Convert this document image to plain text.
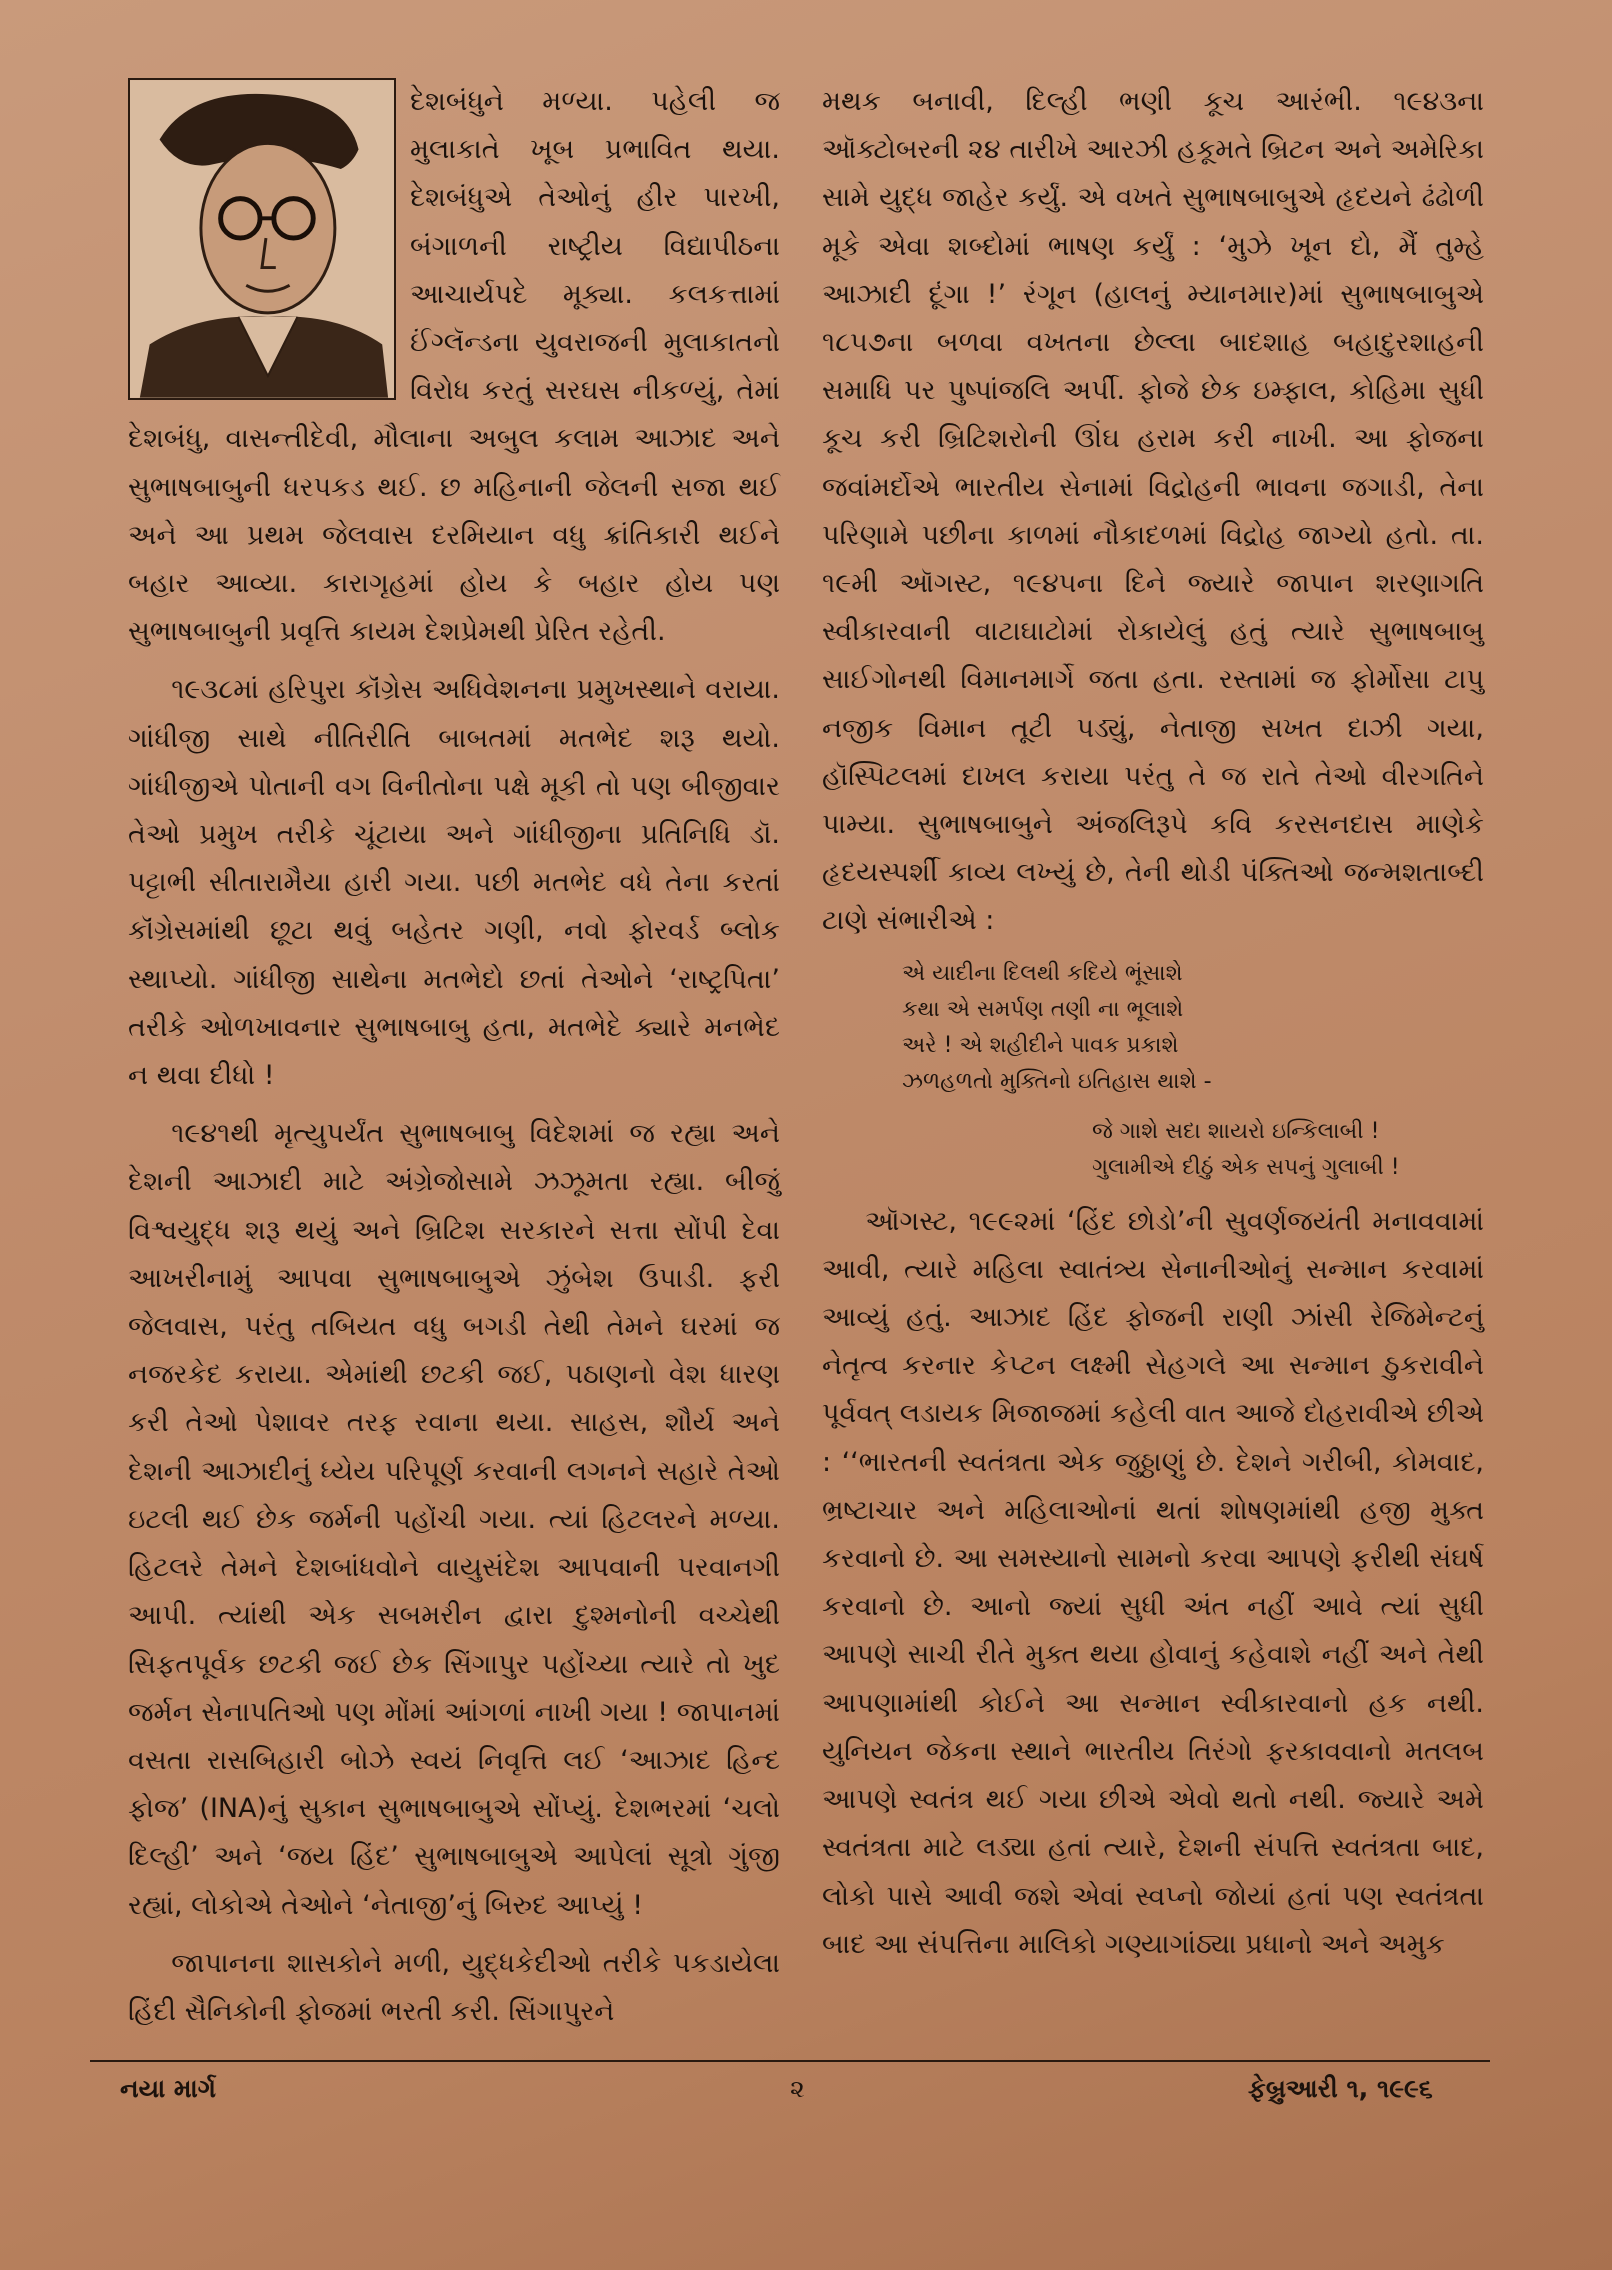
દેશબંધુને મળ્યા. પહેલી જ મુલાકાતે ખૂબ પ્રભાવિત થયા. દેશબંધુએ તેઓનું હીર પારખી, બંગાળની રાષ્ટ્રીય વિદ્યાપીઠના આચાર્યપદે મૂક્યા. કલકત્તામાં ઈંગ્લૅન્ડના યુવરાજની મુલાકાતનો વિરોધ કરતું સરઘસ નીકળ્યું, તેમાં દેશબંધુ, વાસન્તીદેવી, મૌલાના અબુલ કલામ આઝાદ અને સુભાષબાબુની ધરપકડ થઈ. છ મહિનાની જેલની સજા થઈ અને આ પ્રથમ જેલવાસ દરમિયાન વધુ ક્રાંતિકારી થઈને બહાર આવ્યા. કારાગૃહમાં હોય કે બહાર હોય પણ સુભાષબાબુની પ્રવૃત્તિ કાયમ દેશપ્રેમથી પ્રેરિત રહેતી.

૧૯૩૮માં હરિપુરા કૉંગ્રેસ અધિવેશનના પ્રમુખસ્થાને વરાયા. ગાંધીજી સાથે નીતિરીતિ બાબતમાં મતભેદ શરૂ થયો. ગાંધીજીએ પોતાની વગ વિનીતોના પક્ષે મૂકી તો પણ બીજીવાર તેઓ પ્રમુખ તરીકે ચૂંટાયા અને ગાંધીજીના પ્રતિનિધિ ડૉ. પટ્ટાભી સીતારામૈયા હારી ગયા. પછી મતભેદ વધે તેના કરતાં કૉંગ્રેસમાંથી છૂટા થવું બહેતર ગણી, નવો ફોરવર્ડ બ્લોક સ્થાપ્યો. ગાંધીજી સાથેના મતભેદો છતાં તેઓને ‘રાષ્ટ્રપિતા’ તરીકે ઓળખાવનાર સુભાષબાબુ હતા, મતભેદે ક્યારે મનભેદ ન થવા દીધો !

૧૯૪૧થી મૃત્યુપર્યંત સુભાષબાબુ વિદેશમાં જ રહ્યા અને દેશની આઝાદી માટે અંગ્રેજોસામે ઝઝૂમતા રહ્યા. બીજું વિશ્વયુદ્ધ શરૂ થયું અને બ્રિટિશ સરકારને સત્તા સોંપી દેવા આખરીનામું આપવા સુભાષબાબુએ ઝુંબેશ ઉપાડી. ફરી જેલવાસ, પરંતુ તબિયત વધુ બગડી તેથી તેમને ઘરમાં જ નજરકેદ કરાયા. એમાંથી છટકી જઈ, પઠાણનો વેશ ધારણ કરી તેઓ પેશાવર તરફ રવાના થયા. સાહસ, શૌર્ય અને દેશની આઝાદીનું ધ્યેય પરિપૂર્ણ કરવાની લગનને સહારે તેઓ ઇટલી થઈ છેક જર્મની પહોંચી ગયા. ત્યાં હિટલરને મળ્યા. હિટલરે તેમને દેશબાંધવોને વાયુસંદેશ આપવાની પરવાનગી આપી. ત્યાંથી એક સબમરીન દ્વારા દુશ્મનોની વચ્ચેથી સિફતપૂર્વક છટકી જઈ છેક સિંગાપુર પહોંચ્યા ત્યારે તો ખુદ જર્મન સેનાપતિઓ પણ મોંમાં આંગળાં નાખી ગયા ! જાપાનમાં વસતા રાસબિહારી બોઝે સ્વયં નિવૃત્તિ લઈ ‘આઝાદ હિન્દ ફોજ’ (INA)નું સુકાન સુભાષબાબુએ સોંપ્યું. દેશભરમાં ‘ચલો દિલ્હી’ અને ‘જય હિંદ’ સુભાષબાબુએ આપેલાં સૂત્રો ગુંજી રહ્યાં, લોકોએ તેઓને ‘નેતાજી’નું બિરુદ આપ્યું !

જાપાનના શાસકોને મળી, યુદ્ધકેદીઓ તરીકે પકડાયેલા હિંદી સૈનિકોની ફોજમાં ભરતી કરી. સિંગાપુરને

મથક બનાવી, દિલ્હી ભણી કૂચ આરંભી. ૧૯૪૩ના ઑક્ટોબરની ૨૪ તારીખે આરઝી હકૂમતે બ્રિટન અને અમેરિકા સામે યુદ્ધ જાહેર કર્યું. એ વખતે સુભાષબાબુએ હૃદયને ઢંઢોળી મૂકે એવા શબ્દોમાં ભાષણ કર્યું : ‘મુઝે ખૂન દો, મૈં તુમ્હે આઝાદી દૂંગા !’ રંગૂન (હાલનું મ્યાનમાર)માં સુભાષબાબુએ ૧૮૫૭ના બળવા વખતના છેલ્લા બાદશાહ બહાદુરશાહની સમાધિ પર પુષ્પાંજલિ અર્પી. ફોજે છેક ઇમ્ફાલ, કોહિમા સુધી કૂચ કરી બ્રિટિશરોની ઊંઘ હરામ કરી નાખી. આ ફોજના જવાંમર્દોએ ભારતીય સેનામાં વિદ્રોહની ભાવના જગાડી, તેના પરિણામે પછીના કાળમાં નૌકાદળમાં વિદ્રોહ જાગ્યો હતો. તા. ૧૯મી ઑગસ્ટ, ૧૯૪૫ના દિને જ્યારે જાપાન શરણાગતિ સ્વીકારવાની વાટાઘાટોમાં રોકાયેલું હતું ત્યારે સુભાષબાબુ સાઈગોનથી વિમાનમાર્ગે જતા હતા. રસ્તામાં જ ફોર્મોસા ટાપુ નજીક વિમાન તૂટી પડ્યું, નેતાજી સખત દાઝી ગયા, હૉસ્પિટલમાં દાખલ કરાયા પરંતુ તે જ રાતે તેઓ વીરગતિને પામ્યા. સુભાષબાબુને અંજલિરૂપે કવિ કરસનદાસ માણેકે હૃદયસ્પર્શી કાવ્ય લખ્યું છે, તેની થોડી પંક્તિઓ જન્મશતાબ્દી ટાણે સંભારીએ :

એ યાદીના દિલથી કદિયે ભૂંસાશે
કથા એ સમર્પણ તણી ના ભૂલાશે
અરે ! એ શહીદીને પાવક પ્રકાશે
ઝળહળતો મુક્તિનો ઇતિહાસ થાશે -
જે ગાશે સદા શાયરો ઇન્કિલાબી !
ગુલામીએ દીઠું એક સપનું ગુલાબી !

ઑગસ્ટ, ૧૯૯૨માં ‘હિંદ છોડો’ની સુવર્ણજયંતી મનાવવામાં આવી, ત્યારે મહિલા સ્વાતંત્ર્ય સેનાનીઓનું સન્માન કરવામાં આવ્યું હતું. આઝાદ હિંદ ફોજની રાણી ઝાંસી રેજિમેન્ટનું નેતૃત્વ કરનાર કેપ્ટન લક્ષ્મી સેહગલે આ સન્માન ઠુકરાવીને પૂર્વવત્ લડાયક મિજાજમાં કહેલી વાત આજે દોહરાવીએ છીએ : ‘‘ભારતની સ્વતંત્રતા એક જુઠ્ઠાણું છે. દેશને ગરીબી, કોમવાદ, ભ્રષ્ટાચાર અને મહિલાઓનાં થતાં શોષણમાંથી હજી મુક્ત કરવાનો છે. આ સમસ્યાનો સામનો કરવા આપણે ફરીથી સંઘર્ષ કરવાનો છે. આનો જ્યાં સુધી અંત નહીં આવે ત્યાં સુધી આપણે સાચી રીતે મુક્ત થયા હોવાનું કહેવાશે નહીં અને તેથી આપણામાંથી કોઈને આ સન્માન સ્વીકારવાનો હક નથી. યુનિયન જેકના સ્થાને ભારતીય તિરંગો ફરકાવવાનો મતલબ આપણે સ્વતંત્ર થઈ ગયા છીએ એવો થતો નથી. જ્યારે અમે સ્વતંત્રતા માટે લડ્યા હતાં ત્યારે, દેશની સંપત્તિ સ્વતંત્રતા બાદ, લોકો પાસે આવી જશે એવાં સ્વપ્નો જોયાં હતાં પણ સ્વતંત્રતા બાદ આ સંપત્તિના માલિકો ગણ્યાગાંઠ્યા પ્રધાનો અને અમુક

નયા માર્ગ	૨	ફેબ્રુઆરી ૧, ૧૯૯૬
